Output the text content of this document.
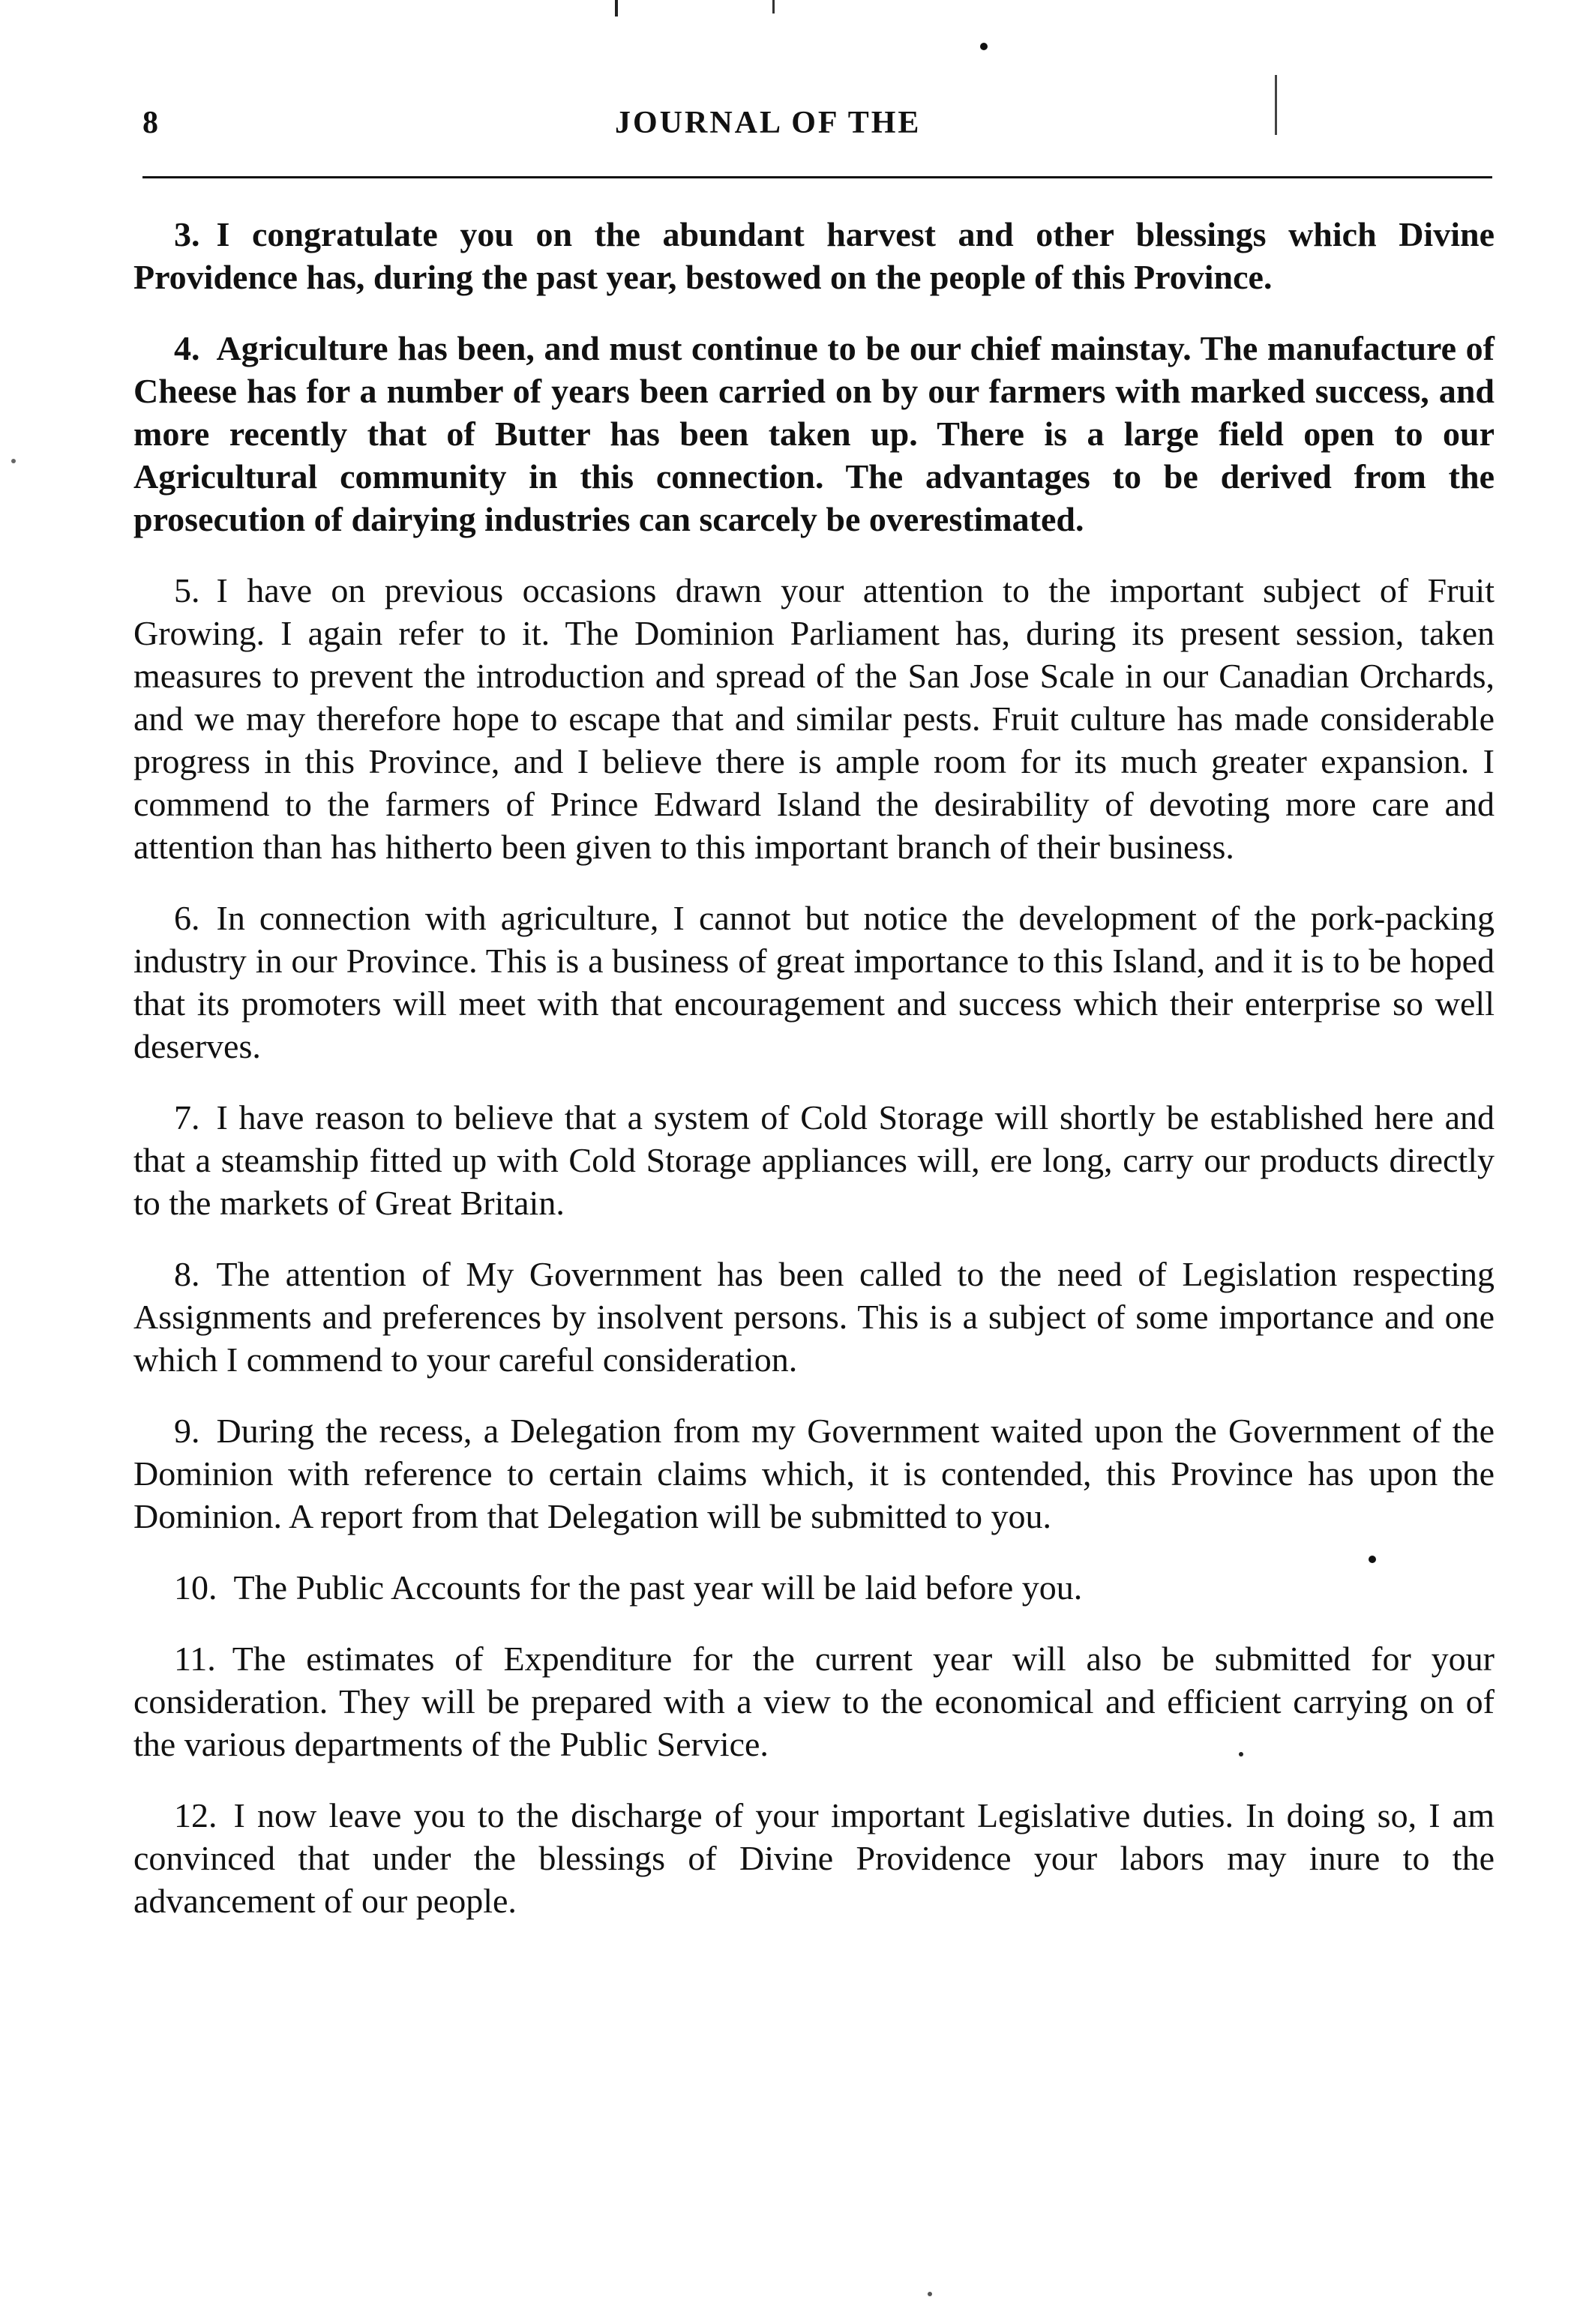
8	JOURNAL OF THE

3. I congratulate you on the abundant harvest and other blessings which Divine Providence has, during the past year, bestowed on the people of this Province.

4. Agriculture has been, and must continue to be our chief mainstay. The manufacture of Cheese has for a number of years been carried on by our farmers with marked success, and more recently that of Butter has been taken up. There is a large field open to our Agricultural community in this connection. The advantages to be derived from the prosecution of dairying industries can scarcely be overestimated.

5. I have on previous occasions drawn your attention to the important subject of Fruit Growing. I again refer to it. The Dominion Parliament has, during its present session, taken measures to prevent the introduction and spread of the San Jose Scale in our Canadian Orchards, and we may therefore hope to escape that and similar pests. Fruit culture has made considerable progress in this Province, and I believe there is ample room for its much greater expansion. I commend to the farmers of Prince Edward Island the desirability of devoting more care and attention than has hitherto been given to this important branch of their business.

6. In connection with agriculture, I cannot but notice the development of the pork-packing industry in our Province. This is a business of great importance to this Island, and it is to be hoped that its promoters will meet with that encouragement and success which their enterprise so well deserves.

7. I have reason to believe that a system of Cold Storage will shortly be established here and that a steamship fitted up with Cold Storage appliances will, ere long, carry our products directly to the markets of Great Britain.

8. The attention of My Government has been called to the need of Legislation respecting Assignments and preferences by insolvent persons. This is a subject of some importance and one which I commend to your careful consideration.

9. During the recess, a Delegation from my Government waited upon the Government of the Dominion with reference to certain claims which, it is contended, this Province has upon the Dominion. A report from that Delegation will be submitted to you.

10. The Public Accounts for the past year will be laid before you.

11. The estimates of Expenditure for the current year will also be submitted for your consideration. They will be prepared with a view to the economical and efficient carrying on of the various departments of the Public Service.

12. I now leave you to the discharge of your important Legislative duties. In doing so, I am convinced that under the blessings of Divine Providence your labors may inure to the advancement of our people.
